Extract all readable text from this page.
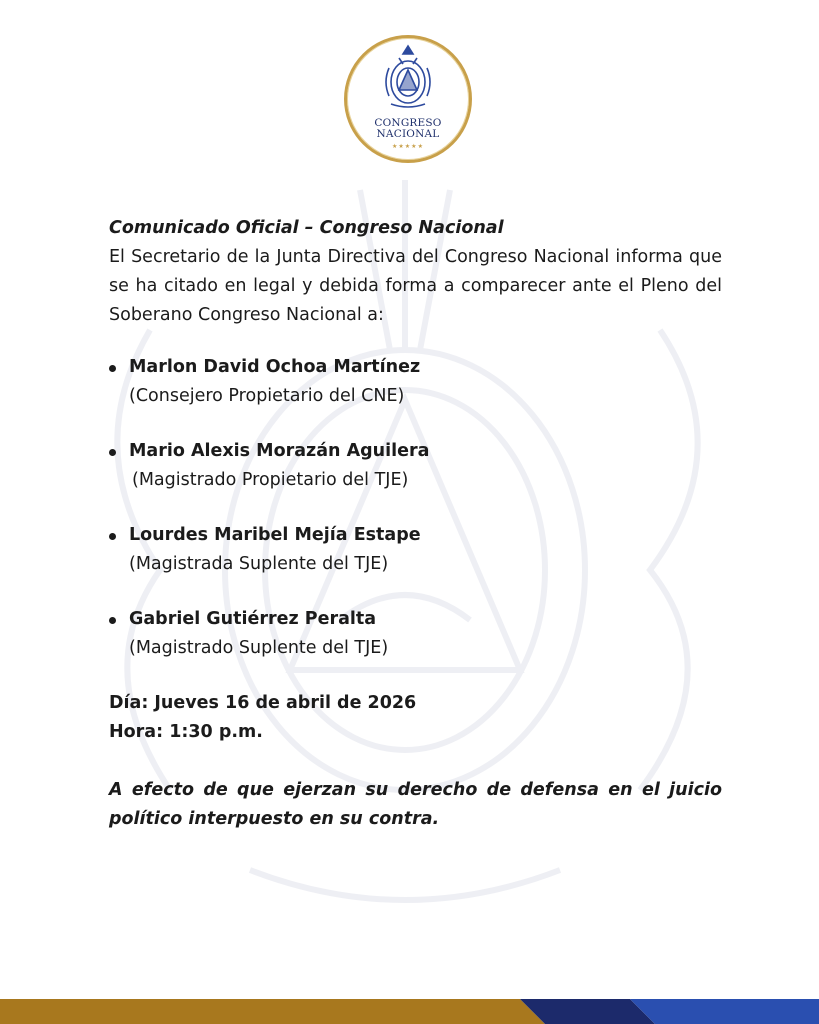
CONGRESO
NACIONAL
★★★★★

Comunicado Oficial – Congreso Nacional

El Secretario de la Junta Directiva del Congreso Nacional informa que se ha citado en legal y debida forma a comparecer ante el Pleno del Soberano Congreso Nacional a:

Marlon David Ochoa Martínez
(Consejero Propietario del CNE)
Mario Alexis Morazán Aguilera
(Magistrado Propietario del TJE)
Lourdes Maribel Mejía Estape
(Magistrada Suplente del TJE)
Gabriel Gutiérrez Peralta
(Magistrado Suplente del TJE)

Día: Jueves 16 de abril de 2026

Hora: 1:30 p.m.

A efecto de que ejerzan su derecho de defensa en el juicio político interpuesto en su contra.
